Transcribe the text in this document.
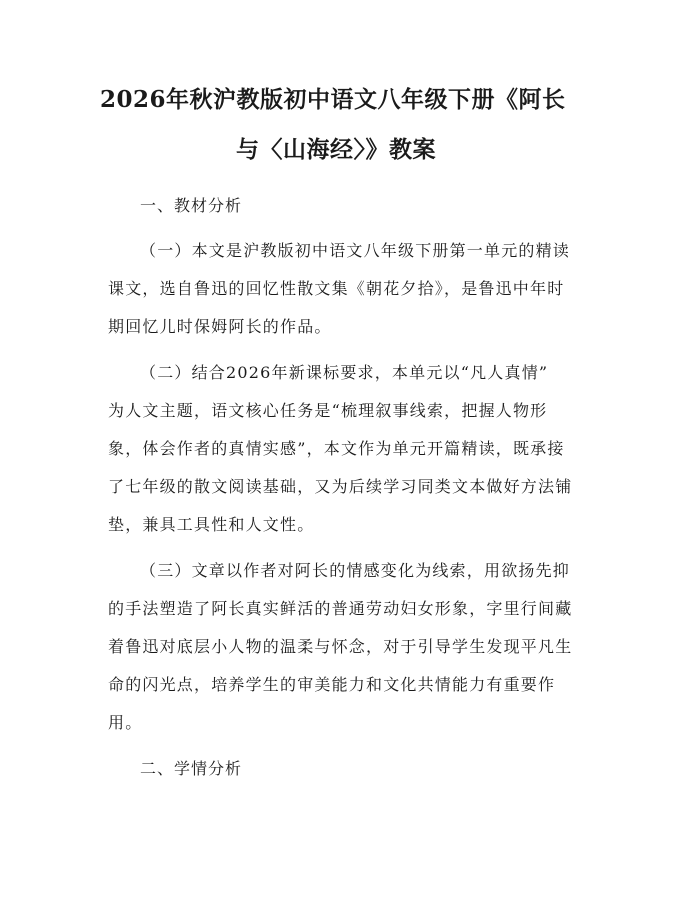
2026年秋沪教版初中语文八年级下册《阿长
与〈山海经〉》教案
一、教材分析
（一）本文是沪教版初中语文八年级下册第一单元的精读
课文，选自鲁迅的回忆性散文集《朝花夕拾》，是鲁迅中年时
期回忆儿时保姆阿长的作品。
（二）结合2026年新课标要求，本单元以“凡人真情”
为人文主题，语文核心任务是“梳理叙事线索，把握人物形
象，体会作者的真情实感”，本文作为单元开篇精读，既承接
了七年级的散文阅读基础，又为后续学习同类文本做好方法铺
垫，兼具工具性和人文性。
（三）文章以作者对阿长的情感变化为线索，用欲扬先抑
的手法塑造了阿长真实鲜活的普通劳动妇女形象，字里行间藏
着鲁迅对底层小人物的温柔与怀念，对于引导学生发现平凡生
命的闪光点，培养学生的审美能力和文化共情能力有重要作
用。
二、学情分析
